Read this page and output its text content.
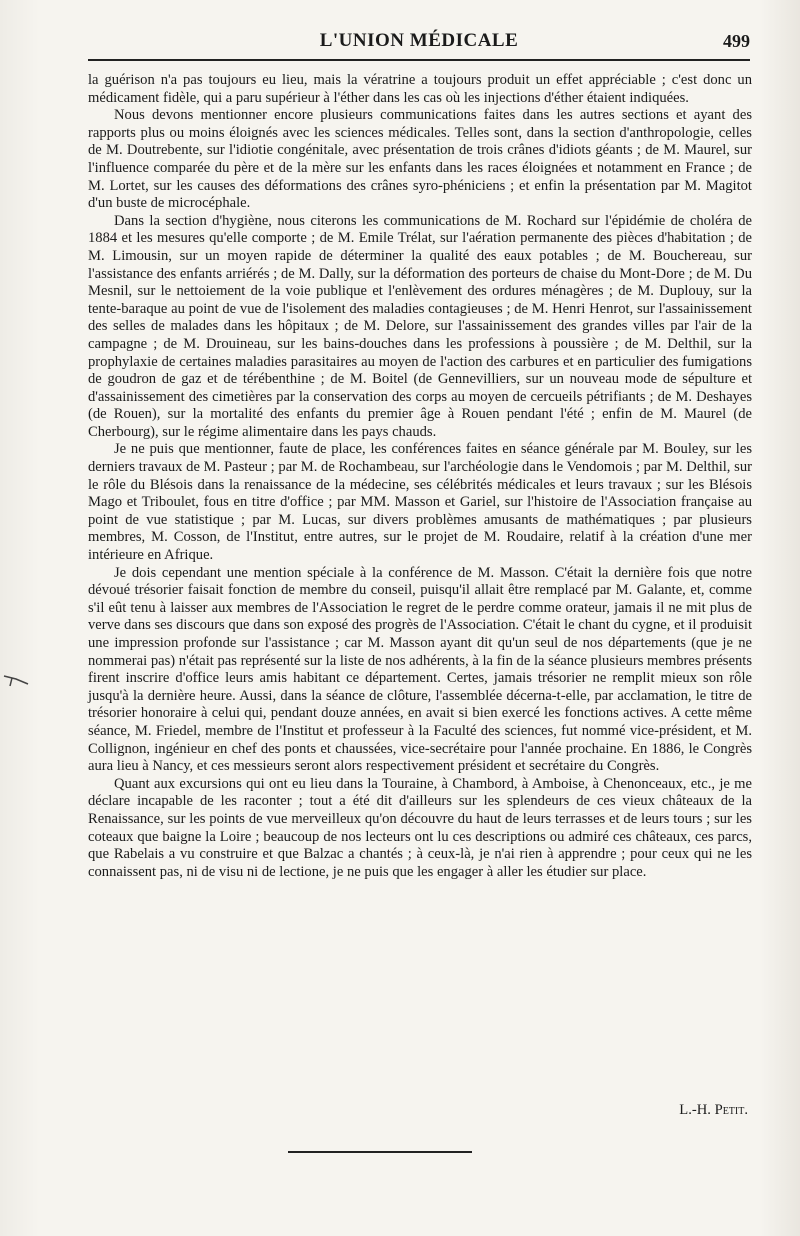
L'UNION MÉDICALE	499

la guérison n'a pas toujours eu lieu, mais la vératrine a toujours produit un effet appréciable ; c'est donc un médicament fidèle, qui a paru supérieur à l'éther dans les cas où les injections d'éther étaient indiquées.

Nous devons mentionner encore plusieurs communications faites dans les autres sections et ayant des rapports plus ou moins éloignés avec les sciences médicales. Telles sont, dans la section d'anthropologie, celles de M. Doutrebente, sur l'idiotie congénitale, avec présentation de trois crânes d'idiots géants ; de M. Maurel, sur l'influence comparée du père et de la mère sur les enfants dans les races éloignées et notamment en France ; de M. Lortet, sur les causes des déformations des crânes syro-phéniciens ; et enfin la présentation par M. Magitot d'un buste de microcéphale.

Dans la section d'hygiène, nous citerons les communications de M. Rochard sur l'épidémie de choléra de 1884 et les mesures qu'elle comporte ; de M. Emile Trélat, sur l'aération permanente des pièces d'habitation ; de M. Limousin, sur un moyen rapide de déterminer la qualité des eaux potables ; de M. Bouchereau, sur l'assistance des enfants arriérés ; de M. Dally, sur la déformation des porteurs de chaise du Mont-Dore ; de M. Du Mesnil, sur le nettoiement de la voie publique et l'enlèvement des ordures ménagères ; de M. Duplouy, sur la tente-baraque au point de vue de l'isolement des maladies contagieuses ; de M. Henri Henrot, sur l'assainissement des selles de malades dans les hôpitaux ; de M. Delore, sur l'assainissement des grandes villes par l'air de la campagne ; de M. Drouineau, sur les bains-douches dans les professions à poussière ; de M. Delthil, sur la prophylaxie de certaines maladies parasitaires au moyen de l'action des carbures et en particulier des fumigations de goudron de gaz et de térébenthine ; de M. Boitel (de Gennevilliers, sur un nouveau mode de sépulture et d'assainissement des cimetières par la conservation des corps au moyen de cercueils pétrifiants ; de M. Deshayes (de Rouen), sur la mortalité des enfants du premier âge à Rouen pendant l'été ; enfin de M. Maurel (de Cherbourg), sur le régime alimentaire dans les pays chauds.

Je ne puis que mentionner, faute de place, les conférences faites en séance générale par M. Bouley, sur les derniers travaux de M. Pasteur ; par M. de Rochambeau, sur l'archéologie dans le Vendomois ; par M. Delthil, sur le rôle du Blésois dans la renaissance de la médecine, ses célébrités médicales et leurs travaux ; sur les Blésois Mago et Triboulet, fous en titre d'office ; par MM. Masson et Gariel, sur l'histoire de l'Association française au point de vue statistique ; par M. Lucas, sur divers problèmes amusants de mathématiques ; par plusieurs membres, M. Cosson, de l'Institut, entre autres, sur le projet de M. Roudaire, relatif à la création d'une mer intérieure en Afrique.

Je dois cependant une mention spéciale à la conférence de M. Masson. C'était la dernière fois que notre dévoué trésorier faisait fonction de membre du conseil, puisqu'il allait être remplacé par M. Galante, et, comme s'il eût tenu à laisser aux membres de l'Association le regret de le perdre comme orateur, jamais il ne mit plus de verve dans ses discours que dans son exposé des progrès de l'Association. C'était le chant du cygne, et il produisit une impression profonde sur l'assistance ; car M. Masson ayant dit qu'un seul de nos départements (que je ne nommerai pas) n'était pas représenté sur la liste de nos adhérents, à la fin de la séance plusieurs membres présents firent inscrire d'office leurs amis habitant ce département. Certes, jamais trésorier ne remplit mieux son rôle jusqu'à la dernière heure. Aussi, dans la séance de clôture, l'assemblée décerna-t-elle, par acclamation, le titre de trésorier honoraire à celui qui, pendant douze années, en avait si bien exercé les fonctions actives. A cette même séance, M. Friedel, membre de l'Institut et professeur à la Faculté des sciences, fut nommé vice-président, et M. Collignon, ingénieur en chef des ponts et chaussées, vice-secrétaire pour l'année prochaine. En 1886, le Congrès aura lieu à Nancy, et ces messieurs seront alors respectivement président et secrétaire du Congrès.

Quant aux excursions qui ont eu lieu dans la Touraine, à Chambord, à Amboise, à Chenonceaux, etc., je me déclare incapable de les raconter ; tout a été dit d'ailleurs sur les splendeurs de ces vieux châteaux de la Renaissance, sur les points de vue merveilleux qu'on découvre du haut de leurs terrasses et de leurs tours ; sur les coteaux que baigne la Loire ; beaucoup de nos lecteurs ont lu ces descriptions ou admiré ces châteaux, ces parcs, que Rabelais a vu construire et que Balzac a chantés ; à ceux-là, je n'ai rien à apprendre ; pour ceux qui ne les connaissent pas, ni de visu ni de lectione, je ne puis que les engager à aller les étudier sur place.

L.-H. Petit.
